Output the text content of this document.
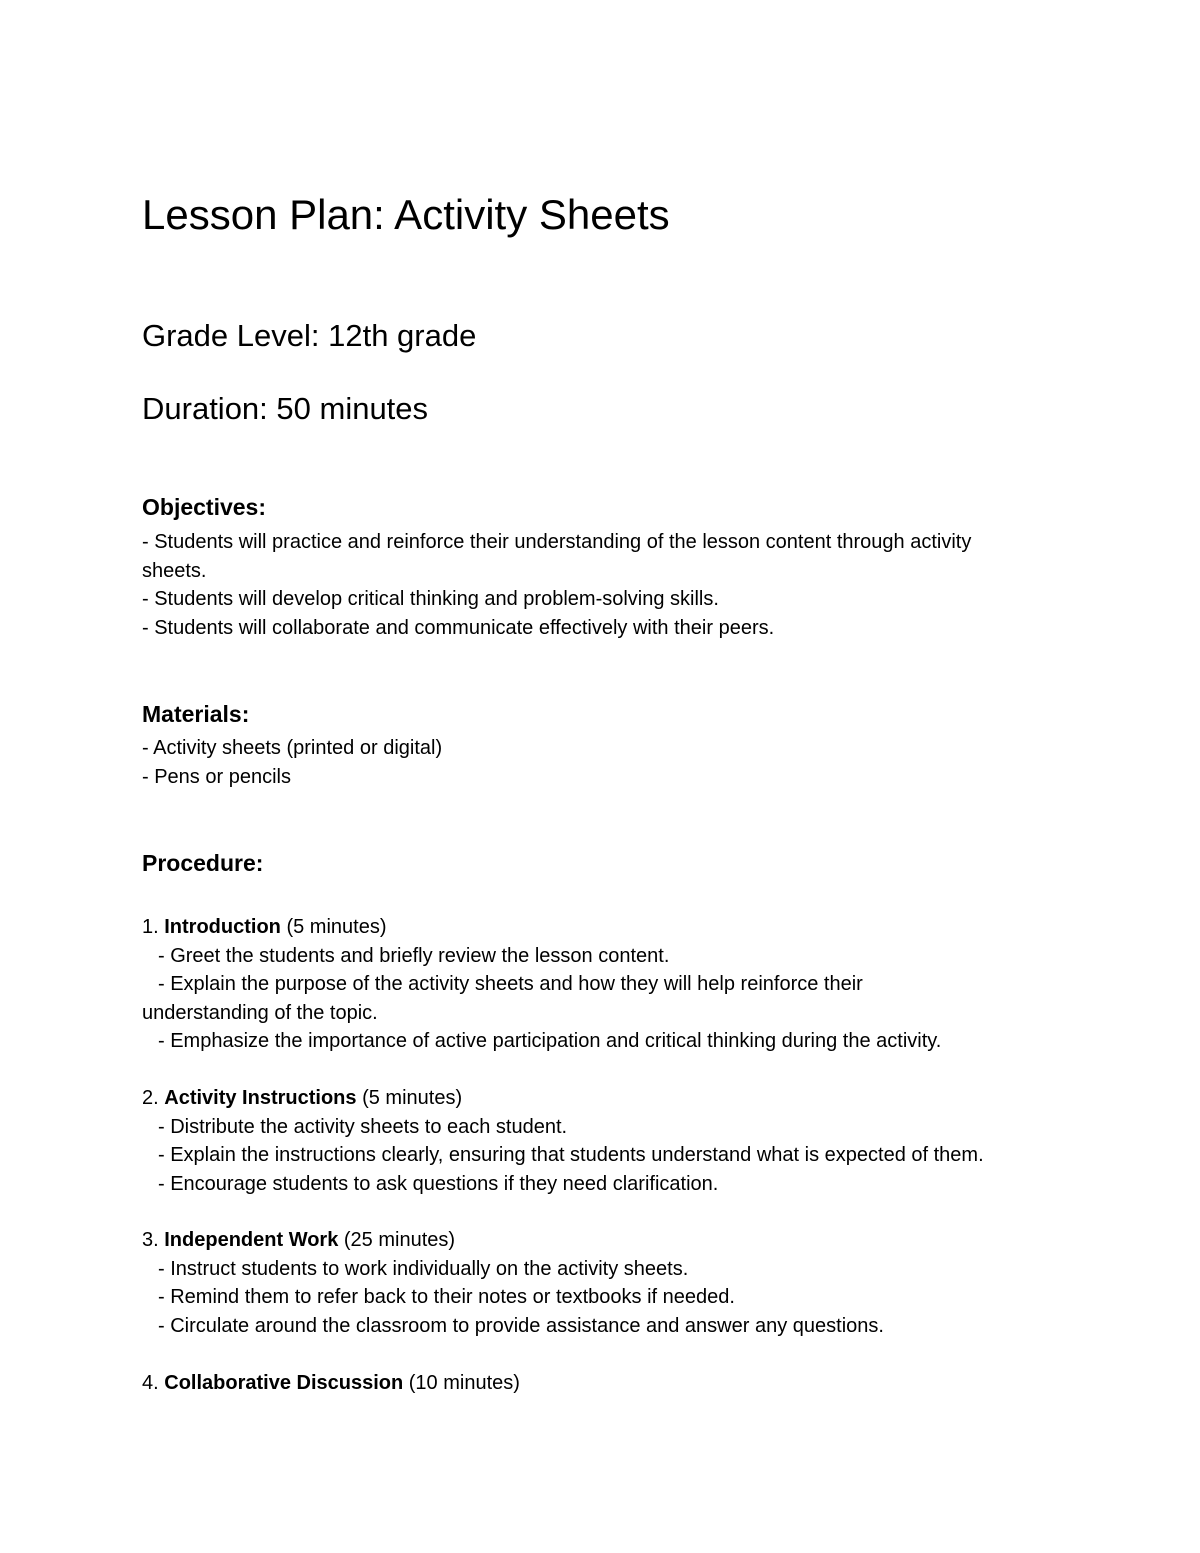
Lesson Plan: Activity Sheets
Grade Level: 12th grade
Duration: 50 minutes
Objectives:
- Students will practice and reinforce their understanding of the lesson content through activity
sheets.
- Students will develop critical thinking and problem-solving skills.
- Students will collaborate and communicate effectively with their peers.
Materials:
- Activity sheets (printed or digital)
- Pens or pencils
Procedure:
1. Introduction (5 minutes)
- Greet the students and briefly review the lesson content.
- Explain the purpose of the activity sheets and how they will help reinforce their
understanding of the topic.
- Emphasize the importance of active participation and critical thinking during the activity.
2. Activity Instructions (5 minutes)
- Distribute the activity sheets to each student.
- Explain the instructions clearly, ensuring that students understand what is expected of them.
- Encourage students to ask questions if they need clarification.
3. Independent Work (25 minutes)
- Instruct students to work individually on the activity sheets.
- Remind them to refer back to their notes or textbooks if needed.
- Circulate around the classroom to provide assistance and answer any questions.
4. Collaborative Discussion (10 minutes)
